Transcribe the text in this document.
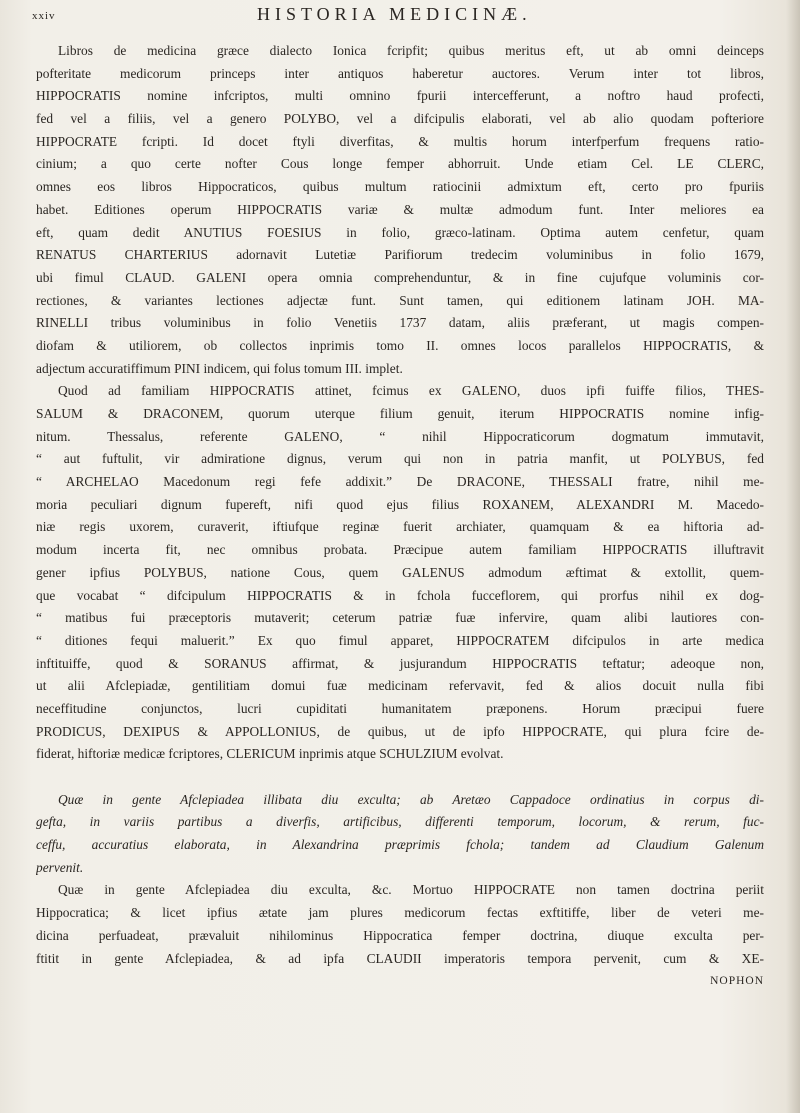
xxiv	HISTORIA MEDICINÆ.
Libros de medicina græce dialecto Ionica fcripfit; quibus meritus eft, ut ab omni deinceps
pofteritate medicorum princeps inter antiquos haberetur auctores. Verum inter tot libros,
HIPPOCRATIS nomine infcriptos, multi omnino fpurii intercefferunt, a noftro haud profecti,
fed vel a filiis, vel a genero POLYBO, vel a difcipulis elaborati, vel ab alio quodam pofteriore
HIPPOCRATE fcripti. Id docet ftyli diverfitas, & multis horum interfperfum frequens ratio-
cinium; a quo certe nofter Cous longe femper abhorruit. Unde etiam Cel. LE CLERC,
omnes eos libros Hippocraticos, quibus multum ratiocinii admixtum eft, certo pro fpuriis
habet. Editiones operum HIPPOCRATIS variæ & multæ admodum funt. Inter meliores ea
eft, quam dedit ANUTIUS FOESIUS in folio, græco-latinam. Optima autem cenfetur, quam
RENATUS CHARTERIUS adornavit Lutetiæ Parifiorum tredecim voluminibus in folio 1679,
ubi fimul CLAUD. GALENI opera omnia comprehenduntur, & in fine cujufque voluminis cor-
rectiones, & variantes lectiones adjectæ funt. Sunt tamen, qui editionem latinam JOH. MA-
RINELLI tribus voluminibus in folio Venetiis 1737 datam, aliis præferant, ut magis compen-
diofam & utiliorem, ob collectos inprimis tomo II. omnes locos parallelos HIPPOCRATIS, &
adjectum accuratiffimum PINI indicem, qui folus tomum III. implet.
Quod ad familiam HIPPOCRATIS attinet, fcimus ex GALENO, duos ipfi fuiffe filios, THES-
SALUM & DRACONEM, quorum uterque filium genuit, iterum HIPPOCRATIS nomine infig-
nitum. Thessalus, referente GALENO, “ nihil Hippocraticorum dogmatum immutavit,
“ aut fuftulit, vir admiratione dignus, verum qui non in patria manfit, ut POLYBUS, fed
“ ARCHELAO Macedonum regi fefe addixit.” De DRACONE, THESSALI fratre, nihil me-
moria peculiari dignum fupereft, nifi quod ejus filius ROXANEM, ALEXANDRI M. Macedo-
niæ regis uxorem, curaverit, iftiufque reginæ fuerit archiater, quamquam & ea hiftoria ad-
modum incerta fit, nec omnibus probata. Præcipue autem familiam HIPPOCRATIS illuftravit
gener ipfius POLYBUS, natione Cous, quem GALENUS admodum æftimat & extollit, quem-
que vocabat “ difcipulum HIPPOCRATIS & in fchola fucceflorem, qui prorfus nihil ex dog-
“ matibus fui præceptoris mutaverit; ceterum patriæ fuæ infervire, quam alibi lautiores con-
“ ditiones fequi maluerit.” Ex quo fimul apparet, HIPPOCRATEM difcipulos in arte medica
inftituiffe, quod & SORANUS affirmat, & jusjurandum HIPPOCRATIS teftatur; adeoque non,
ut alii Afclepiadæ, gentilitiam domui fuæ medicinam refervavit, fed & alios docuit nulla fibi
neceffitudine conjunctos, lucri cupiditati humanitatem præponens. Horum præcipui fuere
PRODICUS, DEXIPUS & APPOLLONIUS, de quibus, ut de ipfo HIPPOCRATE, qui plura fcire de-
fiderat, hiftoriæ medicæ fcriptores, CLERICUM inprimis atque SCHULZIUM evolvat.
Quæ in gente Afclepiadea illibata diu exculta; ab Aretæo Cappadoce ordinatius in corpus di-
gefta, in variis partibus a diverfis, artificibus, differenti temporum, locorum, & rerum, fuc-
ceffu, accuratius elaborata, in Alexandrina præprimis fchola; tandem ad Claudium Galenum
pervenit.
Quæ in gente Afclepiadea diu exculta, &c. Mortuo HIPPOCRATE non tamen doctrina periit
Hippocratica; & licet ipfius ætate jam plures medicorum fectas exftitiffe, liber de veteri me-
dicina perfuadeat, prævaluit nihilominus Hippocratica femper doctrina, diuque exculta per-
ftitit in gente Afclepiadea, & ad ipfa CLAUDII imperatoris tempora pervenit, cum & XE-
NOPHON
